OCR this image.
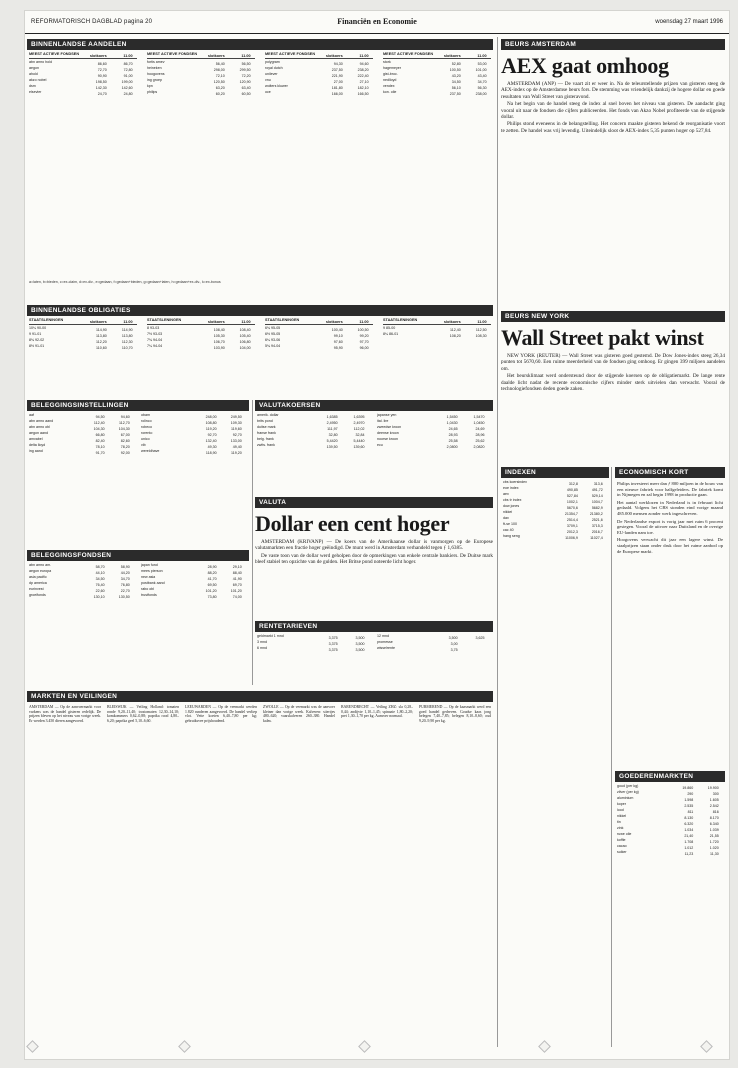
REFORMATORISCH DAGBLAD pagina 20	Financiën en Economie	woensdag 27 maart 1996
BINNENLANDSE AANDELEN
MEEST ACTIEVE FONDSEN	slotkoers	11.00
abn amro hold	86,60	86,70
aegon	72,70	72,80
ahold	90,90	91,00
akzo nobel	198,50	199,00
dsm	142,30	142,60
elsevier	24,70	24,80
MEEST ACTIEVE FONDSEN	slotkoers	11.00
fortis amev	56,40	56,50
heineken	298,00	299,50
hoogovens	72,10	72,20
ing groep	120,50	120,90
kpn	63,20	63,40
philips	60,20	60,50
MEEST ACTIEVE FONDSEN	slotkoers	11.00
polygram	94,30	94,60
royal dutch	237,50	238,20
unilever	221,90	222,40
vnu	27,00	27,10
wolters kluwer	181,80	182,10
oce	166,00	166,50
MEEST ACTIEVE FONDSEN	slotkoers	11.00
stork	52,80	53,00
hagemeyer	100,50	101,00
gist-broc.	43,20	43,40
nedlloyd	34,50	34,70
vendex	56,10	56,30
kon. olie	237,50	238,00
a=laten, b=bieden, c=ex-claim, d=ex-div., e=gedaan, f=gedaan+bieden, g=gedaan+laten, h=gedaan+ex-div., k=ex-bonus
BINNENLANDSE OBLIGATIES
STAATSLENINGEN	slotkoers	11.00
10¼ 90-00	114,90	114,90
9 91-01	113,80	113,80
8¾ 92-02	112,20	112,30
8½ 91-01	110,60	110,70
STAATSLENINGEN	slotkoers	11.00
8 93-03	108,40	108,40
7½ 93-03	105,30	105,40
7¾ 94-04	106,70	106,80
7¼ 94-04	103,90	104,00
STAATSLENINGEN	slotkoers	11.00
6¾ 95-05	100,40	100,50
6½ 95-05	99,10	99,20
6¼ 93-06	97,60	97,70
5¾ 94-04	95,90	96,00
STAATSLENINGEN	slotkoers	11.00
9 85-00	112,40	112,50
8¼ 86-01	108,20	108,30
BELEGGINGSINSTELLINGEN
aaf	94,50	94,60
abn amro aand	112,40	112,70
abn amro obl	104,30	104,30
aegon aand	66,80	67,00
amvabel	82,40	82,60
delta lloyd	78,10	78,20
ing aand	91,70	92,00
obam	248,00	249,50
rolinco	108,80	109,30
robeco	119,20	119,60
rorento	92,70	92,70
unico	132,40	133,00
vib	49,30	49,40
wereldhave	118,90	119,20
VALUTAKOERSEN
amerik. dollar	1,6385	1,6395
brits pond	2,4950	2,4970
duitse mark	111,97	112,02
franse frank	32,80	32,84
belg. frank	5,4420	5,4440
zwits. frank	139,50	139,60
japanse yen	1,5450	1,5470
ital. lire	1,0430	1,0450
zweedse kroon	24,65	24,69
deense kroon	28,93	28,96
noorse kroon	25,58	25,62
ecu	2,0800	2,0820
VALUTA
Dollar een cent hoger

AMSTERDAM (KRIVANP) — De koers van de Amerikaanse dollar is vanmorgen op de Europese valutamarkten een fractie hoger geëindigd. De munt werd in Amsterdam verhandeld tegen ƒ 1,6385.

De vaste toon van de dollar werd geholpen door de opmerkingen van enkele centrale bankiers. De Duitse mark bleef stabiel ten opzichte van de gulden. Het Britse pond noteerde licht hoger.

BELEGGINGSFONDSEN
abn amro am.	58,70	58,90
aegon europa	44,10	44,20
asia pacific	34,50	34,70
dp america	76,40	76,80
eurinvest	22,60	22,70
groeifonds	130,10	130,50
japan fund	28,90	29,10
mees pierson	88,20	88,40
new asia	41,70	41,90
postbank aand	69,50	69,70
rabo obl	101,20	101,20
trustfonds	73,80	74,00
RENTETARIEVEN
geldmarkt 1 mnd	3,375	3,500
3 mnd	3,375	3,500
6 mnd	3,375	3,500
12 mnd	3,500	3,625
promesse	3,00
wisselrente	3,75
MARKTEN EN VEILINGEN

AMSTERDAM — Op de aanvoermarkt voor varkens was de handel gisteren redelijk. De prijzen bleven op het niveau van vorige week. Er werden 3.450 dieren aangevoerd.

BLEISWIJK — Veiling Holland: tomaten ronde 9,20–11,40; trostomaten 12,30–14,10; komkommers 0,62–0,88; paprika rood 4,80–6,20; paprika geel 5,10–6,60.

LEEUWARDEN — Op de veemarkt werden 1.820 runderen aangevoerd. De handel verliep vlot. Vette koeien 6,40–7,80 per kg; gebruiksvee prijshoudend.

ZWOLLE — Op de veemarkt was de aanvoer kleiner dan vorige week. Kalveren: stiertjes 480–620; vaarskalveren 260–380. Handel kalm.

BARENDRECHT — Veiling ZHZ: sla 0,28–0,44; andijvie 1,10–1,45; spinazie 1,80–2,20; prei 1,30–1,70 per kg. Aanvoer normaal.

PURMEREND — Op de kaasmarkt werd een goed handel gedreven. Goudse kaas jong belegen 7,40–7,85; belegen 8,10–8,60; oud 9,20–9,90 per kg.

BEURS AMSTERDAM
AEX gaat omhoog

AMSTERDAM (ANP) — De vaart zit er weer in. Na de teleurstellende prijzen van gisteren steeg de AEX-index op de Amsterdamse beurs fors. De stemming was vriendelijk dankzij de hogere dollar en goede resultaten van Wall Street van gisteravond.

Na het begin van de handel steeg de index al snel boven het niveau van gisteren. De aandacht ging vooral uit naar de fondsen die cijfers publiceerden. Het fonds van Akzo Nobel profiteerde van de stijgende dollar.

Philips stond eveneens in de belangstelling. Het concern maakte gisteren bekend de reorganisatie voort te zetten. De handel was vrij levendig. Uiteindelijk sloot de AEX-index 5,35 punten hoger op 527,84.

BEURS NEW YORK
Wall Street pakt winst

NEW YORK (REUTER) — Wall Street was gisteren goed gestemd. De Dow Jones-index steeg 26,34 punten tot 5670,60. Een ruime meerderheid van de fondsen ging omhoog. Er gingen 399 miljoen aandelen om.

Het beursklimaat werd ondersteund door de stijgende koersen op de obligatiemarkt. De lange rente daalde licht nadat de recente economische cijfers minder sterk uitvielen dan verwacht. Vooral de technologiefondsen deden goede zaken.

INDEXEN
cbs koersindex	312,8	313,6
eoe index	490,85	491,72
aex	527,84	529,14
cbs tr index	1002,1	1004,7
dow jones	5670,6	5682,9
nikkei	21354,7	21380,2
dax	2514,4	2521,6
ft-se 100	3709,1	3715,3
cac 40	2012,3	2016,7
hang seng	11006,9	11027,4
ECONOMISCH KORT

Philips investeert meer dan ƒ 800 miljoen in de bouw van een nieuwe fabriek voor halfgeleiders. De fabriek komt in Nijmegen en zal begin 1998 in productie gaan.

Het aantal werklozen in Nederland is in februari licht gedaald. Volgens het CBS stonden eind vorige maand 485.000 mensen zonder werk ingeschreven.

De Nederlandse export is vorig jaar met ruim 6 procent gestegen. Vooral de uitvoer naar Duitsland en de overige EU-landen nam toe.

Hoogovens verwacht dit jaar een lagere winst. De staalprijzen staan onder druk door het ruime aanbod op de Europese markt.

GOEDERENMARKTEN
goud (per kg)	19.860	19.900
zilver (per kg)	290	300
aluminium	1.598	1.605
koper	2.535	2.542
lood	811	816
nikkel	8.130	8.170
tin	6.320	6.340
zink	1.034	1.039
ruwe olie	21,40	21,55
koffie	1.708	1.720
cacao	1.012	1.020
suiker	11,23	11,30
